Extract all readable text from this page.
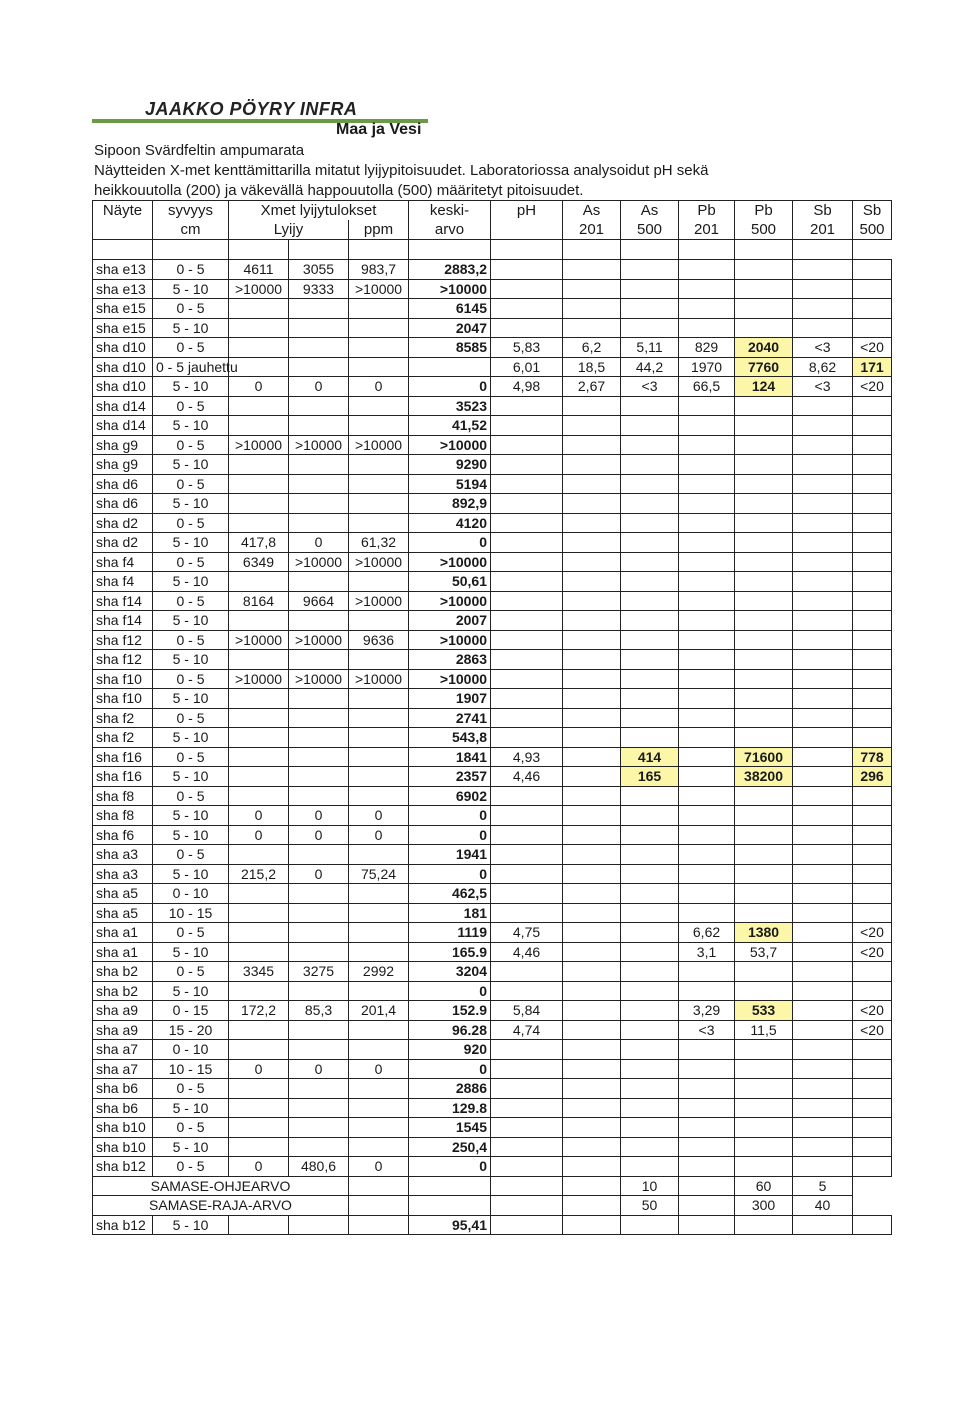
JAAKKO PÖYRY INFRA
Maa ja Vesi
Sipoon Svärdfeltin ampumarata
Näytteiden X-met kenttämittarilla mitatut lyijypitoisuudet. Laboratoriossa analysoidut pH sekä
heikkouutolla (200) ja väkevällä happouutolla (500) määritetyt pitoisuudet.
Näyte	syvyys	Xmet lyijytulokset			keski-	pH	As	As	Pb	Pb	Sb	Sb
	cm	Lyijy		ppm	arvo		201	500	201	500	201	500

sha e13	0 - 5	4611	3055	983,7	2883,2							
sha e13	5 - 10	>10000	9333	>10000	>10000							
sha e15	0 - 5				6145							
sha e15	5 - 10				2047							
sha d10	0 - 5				8585	5,83	6,2	5,11	829	2040	<3	<20
sha d10	0 - 5 jauhettu					6,01	18,5	44,2	1970	7760	8,62	171
sha d10	5 - 10	0	0	0	0	4,98	2,67	<3	66,5	124	<3	<20
sha d14	0 - 5				3523							
sha d14	5 - 10				41,52							
sha g9	0 - 5	>10000	>10000	>10000	>10000							
sha g9	5 - 10				9290							
sha d6	0 - 5				5194							
sha d6	5 - 10				892,9							
sha d2	0 - 5				4120							
sha d2	5 - 10	417,8	0	61,32	0							
sha f4	0 - 5	6349	>10000	>10000	>10000							
sha f4	5 - 10				50,61							
sha f14	0 - 5	8164	9664	>10000	>10000							
sha f14	5 - 10				2007							
sha f12	0 - 5	>10000	>10000	9636	>10000							
sha f12	5 - 10				2863							
sha f10	0 - 5	>10000	>10000	>10000	>10000							
sha f10	5 - 10				1907							
sha f2	0 - 5				2741							
sha f2	5 - 10				543,8							
sha f16	0 - 5				1841	4,93		414		71600		778
sha f16	5 - 10				2357	4,46		165		38200		296
sha f8	0 - 5				6902							
sha f8	5 - 10	0	0	0	0							
sha f6	5 - 10	0	0	0	0							
sha a3	0 - 5				1941							
sha a3	5 - 10	215,2	0	75,24	0							
sha a5	0 - 10				462,5							
sha a5	10 - 15				181							
sha a1	0 - 5				1119	4,75			6,62	1380		<20
sha a1	5 - 10				165.9	4,46			3,1	53,7		<20
sha b2	0 - 5	3345	3275	2992	3204							
sha b2	5 - 10				0							
sha a9	0 - 15	172,2	85,3	201,4	152.9	5,84			3,29	533		<20
sha a9	15 - 20				96.28	4,74			<3	11,5		<20
sha a7	0 - 10				920							
sha a7	10 - 15	0	0	0	0							
sha b6	0 - 5				2886							
sha b6	5 - 10				129.8							
sha b10	0 - 5				1545							
sha b10	5 - 10				250,4							
sha b12	0 - 5	0	480,6	0	0							
SAMASE-OHJEARVO								10		60	5	
SAMASE-RAJA-ARVO								50		300	40	
sha b12	5 - 10				95,41							
